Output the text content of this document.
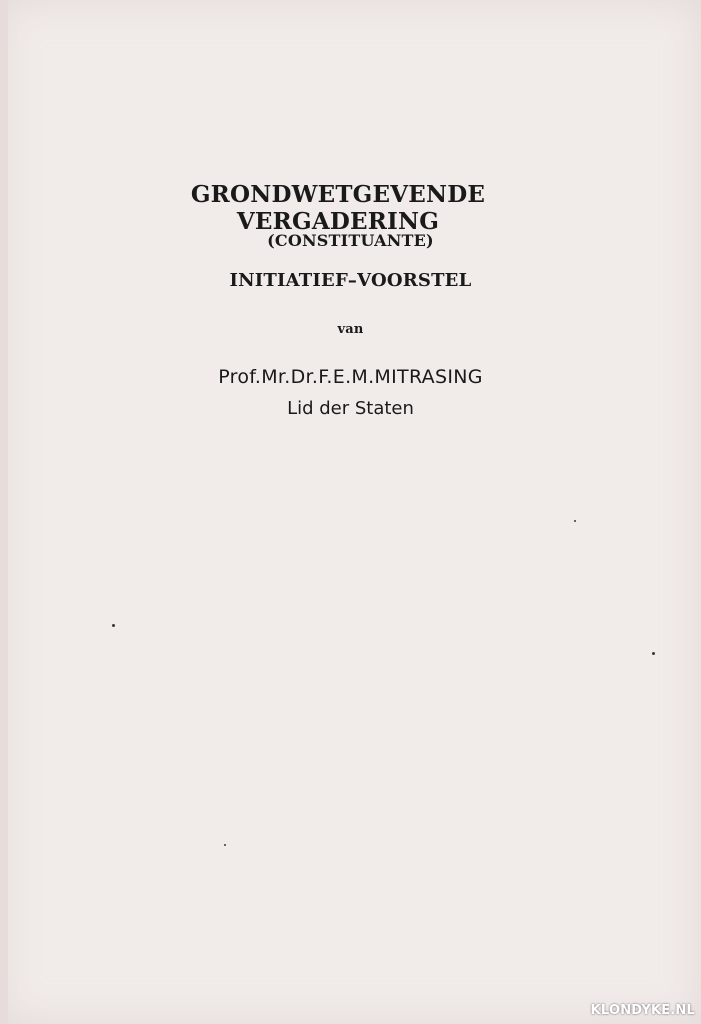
GRONDWETGEVENDE VERGADERING
(CONSTITUANTE)
INITIATIEF–VOORSTEL
van
Prof.Mr.Dr.F.E.M.MITRASING
Lid der Staten
KLONDYKE.NL
